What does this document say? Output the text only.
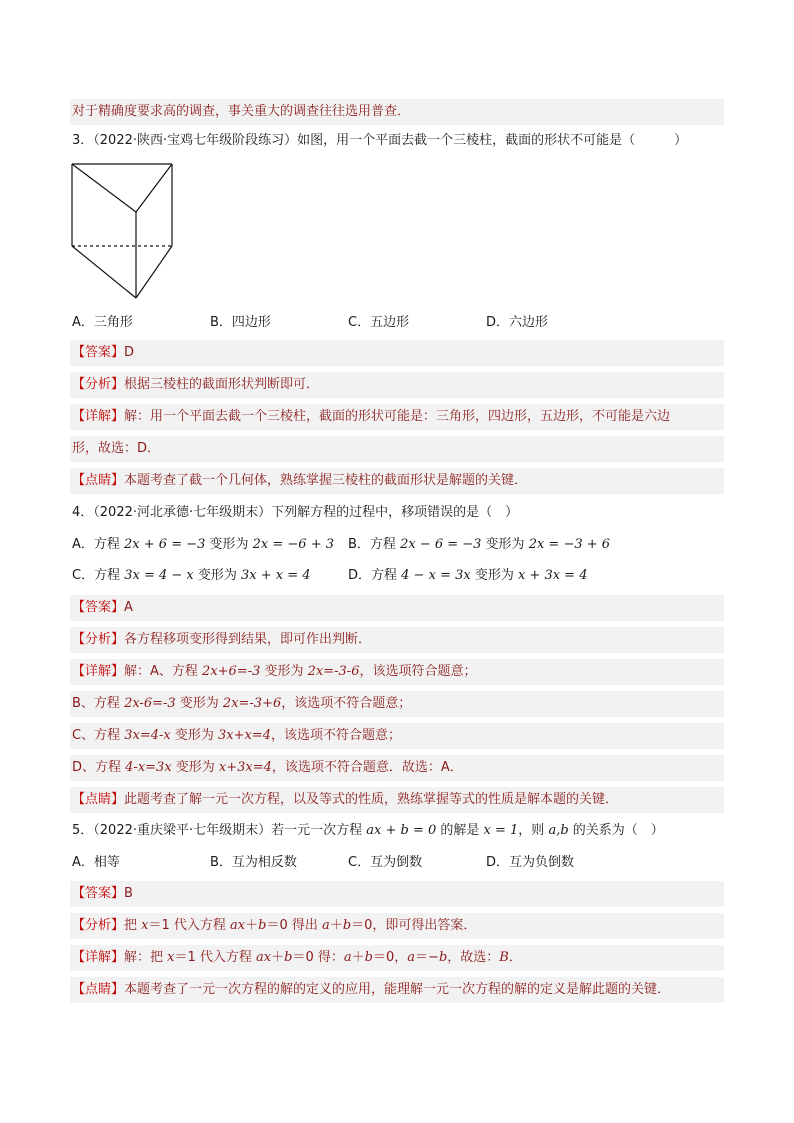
对于精确度要求高的调查，事关重大的调查往往选用普查．
3．（2022·陕西·宝鸡七年级阶段练习）如图，用一个平面去截一个三棱柱，截面的形状不可能是（　　　）
A．三角形	B．四边形	C．五边形	D．六边形
【答案】D
【分析】根据三棱柱的截面形状判断即可．
【详解】解：用一个平面去截一个三棱柱，截面的形状可能是：三角形，四边形，五边形，不可能是六边
形，故选：D．
【点睛】本题考查了截一个几何体，熟练掌握三棱柱的截面形状是解题的关键．
4．（2022·河北承德·七年级期末）下列解方程的过程中，移项错误的是（　）
A．方程 2x + 6 = −3 变形为 2x = −6 + 3 B．方程 2x − 6 = −3 变形为 2x = −3 + 6
C．方程 3x = 4 − x 变形为 3x + x = 4	D．方程 4 − x = 3x 变形为 x + 3x = 4
【答案】A
【分析】各方程移项变形得到结果，即可作出判断．
【详解】解：A、方程 2x+6=-3 变形为 2x=-3-6，该选项符合题意；
B、方程 2x-6=-3 变形为 2x=-3+6，该选项不符合题意；
C、方程 3x=4-x 变形为 3x+x=4，该选项不符合题意；
D、方程 4-x=3x 变形为 x+3x=4，该选项不符合题意．故选：A．
【点睛】此题考查了解一元一次方程，以及等式的性质，熟练掌握等式的性质是解本题的关键．
5．（2022·重庆梁平·七年级期末）若一元一次方程 ax + b = 0 的解是 x = 1，则 a,b 的关系为（　）
A．相等	B．互为相反数	C．互为倒数	D．互为负倒数
【答案】B
【分析】把 x＝1 代入方程 ax＋b＝0 得出 a＋b＝0，即可得出答案．
【详解】解：把 x＝1 代入方程 ax＋b＝0 得：a＋b＝0，a＝−b，故选：B．
【点睛】本题考查了一元一次方程的解的定义的应用，能理解一元一次方程的解的定义是解此题的关键．
